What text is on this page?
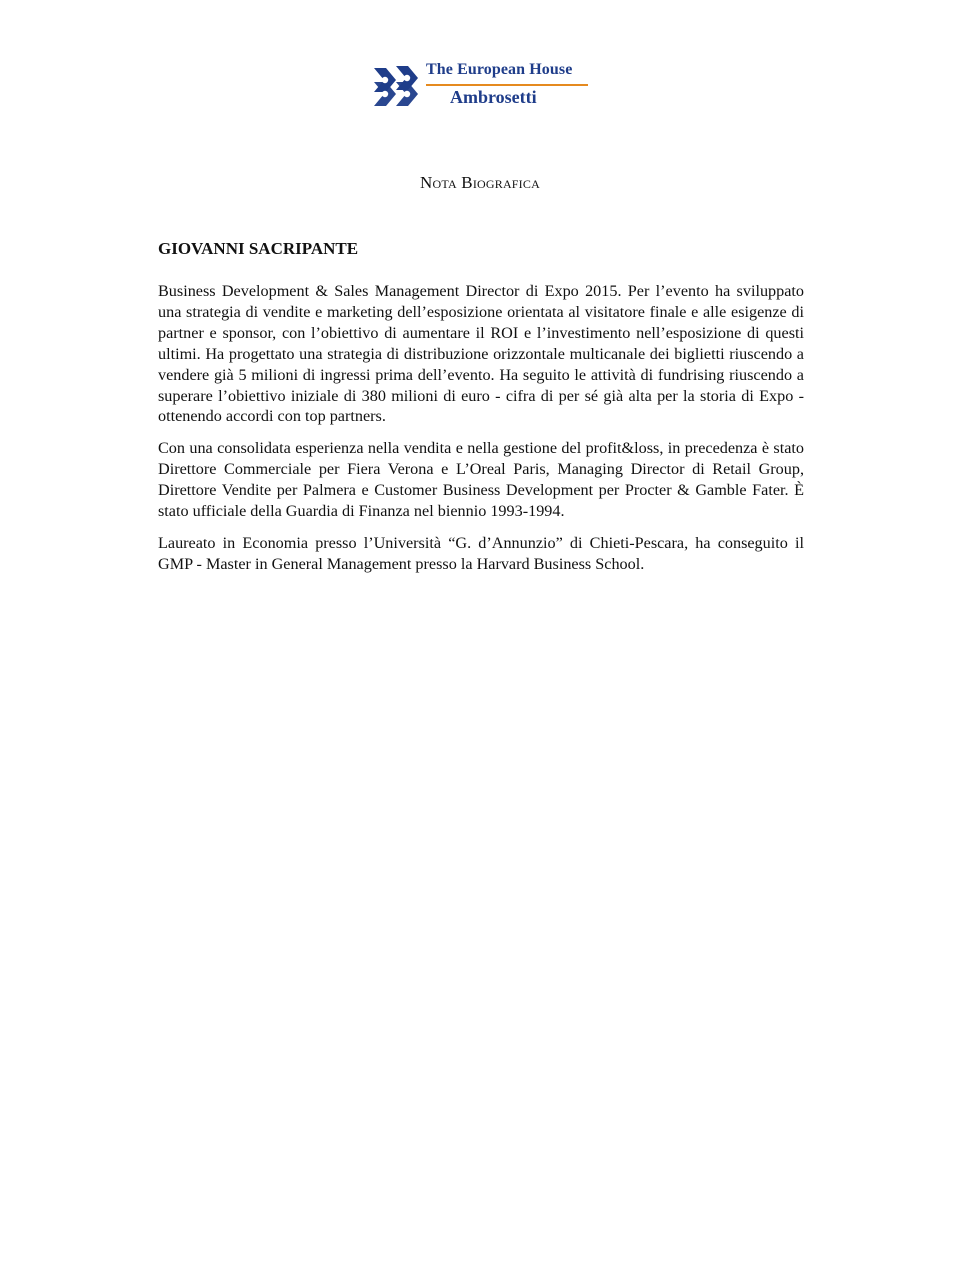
The European House
Ambrosetti
Nota Biografica
GIOVANNI SACRIPANTE

Business Development & Sales Management Director di Expo 2015. Per l’evento ha sviluppato una strategia di vendite e marketing dell’esposizione orientata al visitatore finale e alle esigenze di partner e sponsor, con l’obiettivo di aumentare il ROI e l’investimento nell’esposizione di questi ultimi. Ha progettato una strategia di distribuzione orizzontale multicanale dei biglietti riuscendo a vendere già 5 milioni di ingressi prima dell’evento. Ha seguito le attività di fundrising riuscendo a superare l’obiettivo iniziale di 380 milioni di euro - cifra di per sé già alta per la storia di Expo - ottenendo accordi con top partners.

Con una consolidata esperienza nella vendita e nella gestione del profit&loss, in precedenza è stato Direttore Commerciale per Fiera Verona e L’Oreal Paris, Managing Director di Retail Group, Direttore Vendite per Palmera e Customer Business Development per Procter & Gamble Fater. È stato ufficiale della Guardia di Finanza nel biennio 1993-1994.

Laureato in Economia presso l’Università “G. d’Annunzio” di Chieti-Pescara, ha conseguito il GMP - Master in General Management presso la Harvard Business School.
